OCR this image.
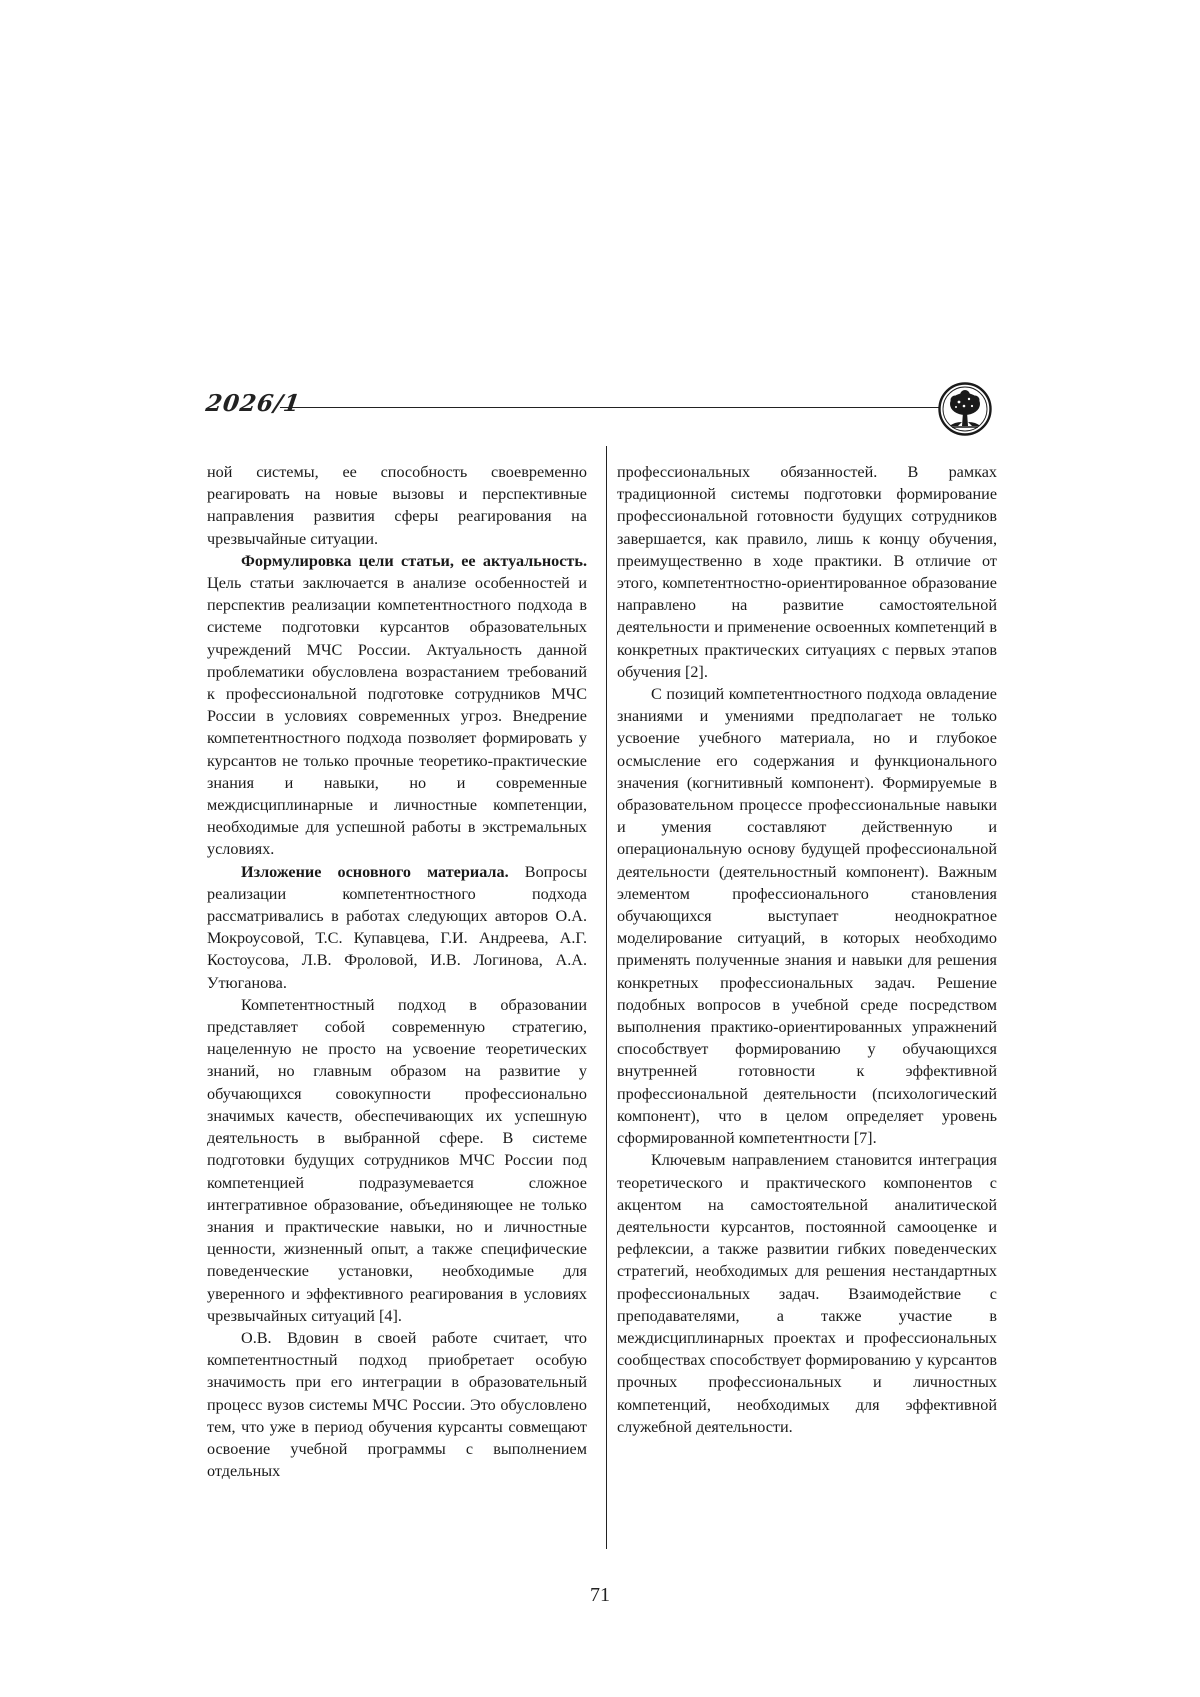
2026/1

ной системы, ее способность своевременно реагировать на новые вызовы и перспективные направления развития сферы реагирования на чрезвычайные ситуации.

Формулировка цели статьи, ее актуальность. Цель статьи заключается в анализе особенностей и перспектив реализации компетентностного подхода в системе подготовки курсантов образовательных учреждений МЧС России. Актуальность данной проблематики обусловлена возрастанием требований к профессиональной подготовке сотрудников МЧС России в условиях современных угроз. Внедрение компетентностного подхода позволяет формировать у курсантов не только прочные теоретико-практические знания и навыки, но и современные междисциплинарные и личностные компетенции, необходимые для успешной работы в экстремальных условиях.

Изложение основного материала. Вопросы реализации компетентностного подхода рассматривались в работах следующих авторов О.А. Мокроусовой, Т.С. Купавцева, Г.И. Андреева, А.Г. Костоусова, Л.В. Фроловой, И.В. Логинова, А.А. Утюганова.

Компетентностный подход в образовании представляет собой современную стратегию, нацеленную не просто на усвоение теоретических знаний, но главным образом на развитие у обучающихся совокупности профессионально значимых качеств, обеспечивающих их успешную деятельность в выбранной сфере. В системе подготовки будущих сотрудников МЧС России под компетенцией подразумевается сложное интегративное образование, объединяющее не только знания и практические навыки, но и личностные ценности, жизненный опыт, а также специфические поведенческие установки, необходимые для уверенного и эффективного реагирования в условиях чрезвычайных ситуаций [4].

О.В. Вдовин в своей работе считает, что компетентностный подход приобретает особую значимость при его интеграции в образовательный процесс вузов системы МЧС России. Это обусловлено тем, что уже в период обучения курсанты совмещают освоение учебной программы с выполнением отдельных

профессиональных обязанностей. В рамках традиционной системы подготовки формирование профессиональной готовности будущих сотрудников завершается, как правило, лишь к концу обучения, преимущественно в ходе практики. В отличие от этого, компетентностно-ориентированное образование направлено на развитие самостоятельной деятельности и применение освоенных компетенций в конкретных практических ситуациях с первых этапов обучения [2].

С позиций компетентностного подхода овладение знаниями и умениями предполагает не только усвоение учебного материала, но и глубокое осмысление его содержания и функционального значения (когнитивный компонент). Формируемые в образовательном процессе профессиональные навыки и умения составляют действенную и операциональную основу будущей профессиональной деятельности (деятельностный компонент). Важным элементом профессионального становления обучающихся выступает неоднократное моделирование ситуаций, в которых необходимо применять полученные знания и навыки для решения конкретных профессиональных задач. Решение подобных вопросов в учебной среде посредством выполнения практико-ориентированных упражнений способствует формированию у обучающихся внутренней готовности к эффективной профессиональной деятельности (психологический компонент), что в целом определяет уровень сформированной компетентности [7].

Ключевым направлением становится интеграция теоретического и практического компонентов с акцентом на самостоятельной аналитической деятельности курсантов, постоянной самооценке и рефлексии, а также развитии гибких поведенческих стратегий, необходимых для решения нестандартных профессиональных задач. Взаимодействие с преподавателями, а также участие в междисциплинарных проектах и профессиональных сообществах способствует формированию у курсантов прочных профессиональных и личностных компетенций, необходимых для эффективной служебной деятельности.

71
